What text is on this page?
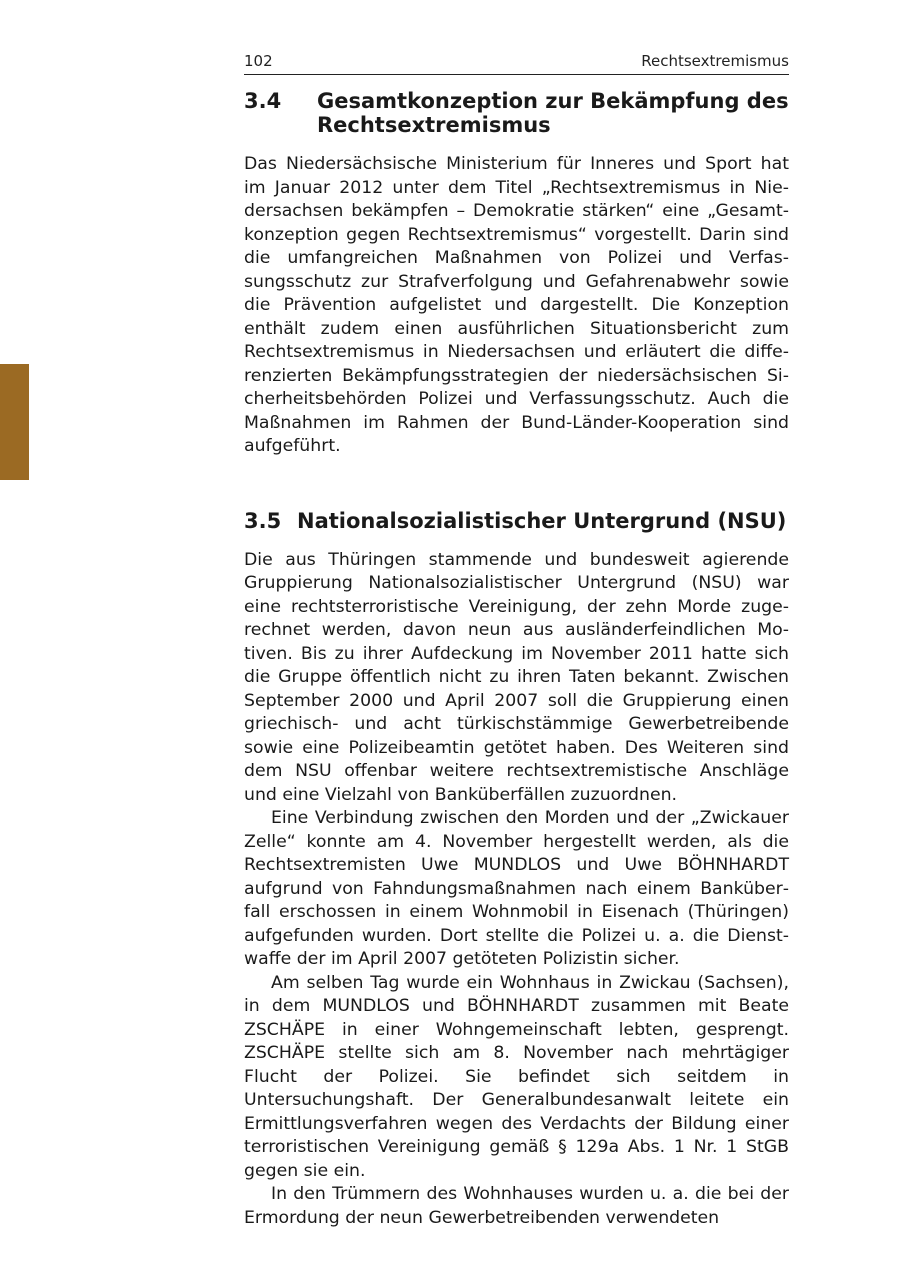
102	Rechtsextremismus
3.4	Gesamtkonzeption zur Bekämpfung des Rechtsextremismus

Das Niedersächsische Ministerium für Inneres und Sport hat im Januar 2012 unter dem Titel „Rechtsextremismus in Niedersachsen bekämpfen – Demokratie stärken“ eine „Gesamtkonzeption gegen Rechtsextremismus“ vorgestellt. Darin sind die umfangreichen Maßnahmen von Polizei und Verfassungsschutz zur Strafverfolgung und Gefahrenabwehr sowie die Prävention aufgelistet und dargestellt. Die Konzeption enthält zudem einen ausführlichen Situationsbericht zum Rechtsextremismus in Niedersachsen und erläutert die differenzierten Bekämpfungsstrategien der niedersächsischen Sicherheitsbehörden Polizei und Verfassungsschutz. Auch die Maßnahmen im Rahmen der Bund-Länder-Kooperation sind aufgeführt.

3.5 Nationalsozialistischer Untergrund (NSU)

Die aus Thüringen stammende und bundesweit agierende Gruppierung Nationalsozialistischer Untergrund (NSU) war eine rechtsterroristische Vereinigung, der zehn Morde zugerechnet werden, davon neun aus ausländerfeindlichen Motiven. Bis zu ihrer Aufdeckung im November 2011 hatte sich die Gruppe öffentlich nicht zu ihren Taten bekannt. Zwischen September 2000 und April 2007 soll die Gruppierung einen griechisch- und acht türkischstämmige Gewerbetreibende sowie eine Polizeibeamtin getötet haben. Des Weiteren sind dem NSU offenbar weitere rechtsextremistische Anschläge und eine Vielzahl von Banküberfällen zuzuordnen.

Eine Verbindung zwischen den Morden und der „Zwickauer Zelle“ konnte am 4. November hergestellt werden, als die Rechtsextremisten Uwe MUNDLOS und Uwe BÖHNHARDT aufgrund von Fahndungsmaßnahmen nach einem Banküberfall erschossen in einem Wohnmobil in Eisenach (Thüringen) aufgefunden wurden. Dort stellte die Polizei u. a. die Dienstwaffe der im April 2007 getöteten Polizistin sicher.

Am selben Tag wurde ein Wohnhaus in Zwickau (Sachsen), in dem MUNDLOS und BÖHNHARDT zusammen mit Beate ZSCHÄPE in einer Wohngemeinschaft lebten, gesprengt. ZSCHÄPE stellte sich am 8. November nach mehrtägiger Flucht der Polizei. Sie befindet sich seitdem in Untersuchungshaft. Der Generalbundesanwalt leitete ein Ermittlungsverfahren wegen des Verdachts der Bildung einer terroristischen Vereinigung gemäß § 129a Abs. 1 Nr. 1 StGB gegen sie ein.

In den Trümmern des Wohnhauses wurden u. a. die bei der Ermordung der neun Gewerbetreibenden verwendeten
